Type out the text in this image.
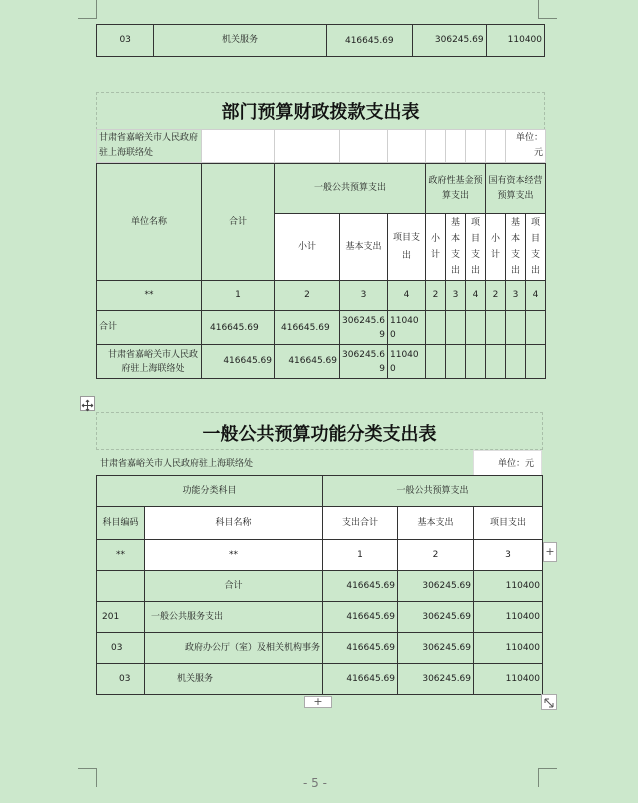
03	机关服务	416645.69	306245.69	110400
部门预算财政拨款支出表
甘肃省嘉峪关市人民政府驻上海联络处									单位：元
单位名称	合计	一般公共预算支出			政府性基金预算支出			国有资本经营预算支出		
		小计	基本支出	项目支出	小计	基本支出	项目支出	小计	基本支出	项目支出
**	1	2	3	4	2	3	4	2	3	4
合计	416645.69	416645.69	306245.69	110400						
甘肃省嘉峪关市人民政府驻上海联络处	416645.69	416645.69	306245.69	110400						
一般公共预算功能分类支出表
甘肃省嘉峪关市人民政府驻上海联络处	单位：元
功能分类科目		一般公共预算支出		
科目编码	科目名称	支出合计	基本支出	项目支出
**	**	1	2	3
	合计	416645.69	306245.69	110400
201	一般公共服务支出	416645.69	306245.69	110400
03	政府办公厅（室）及相关机构事务	416645.69	306245.69	110400
03	机关服务	416645.69	306245.69	110400
+
+
- 5 -
